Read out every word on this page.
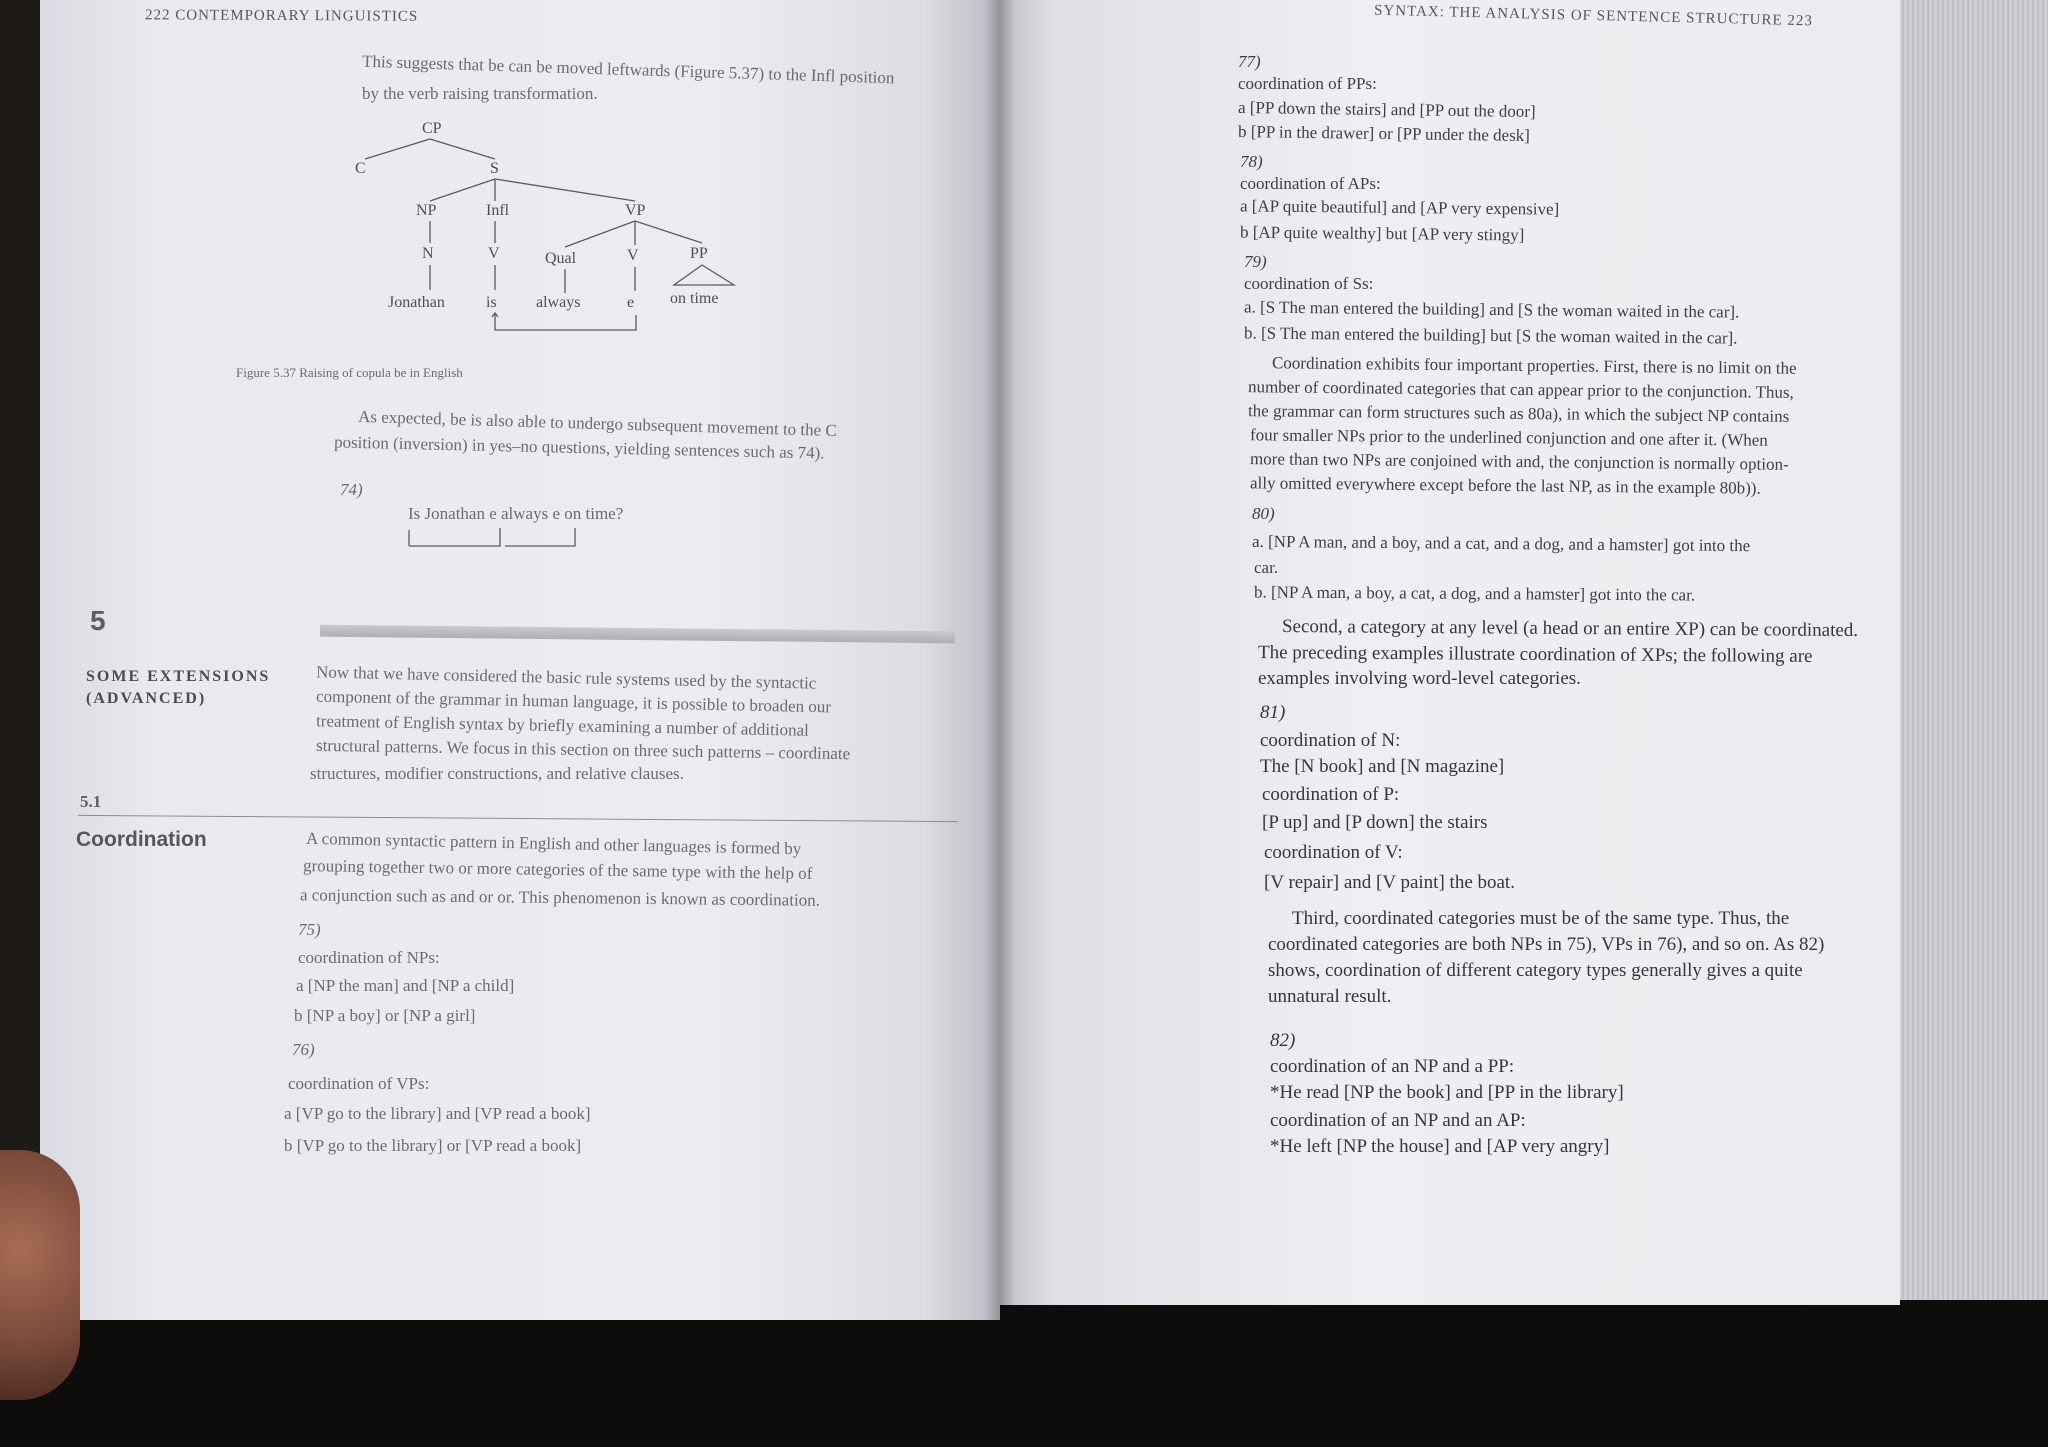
222 CONTEMPORARY LINGUISTICS
This suggests that be can be moved leftwards (Figure 5.37) to the Infl position
by the verb raising transformation.
CP
C	S
NP	Infl	VP
N	V	Qual	V	PP
Jonathan	is always	e on time
Figure 5.37 Raising of copula be in English
As expected, be is also able to undergo subsequent movement to the C
position (inversion) in yes–no questions, yielding sentences such as 74).
74)
Is Jonathan e always e on time?
5
SOME EXTENSIONS
(ADVANCED)
Now that we have considered the basic rule systems used by the syntactic
component of the grammar in human language, it is possible to broaden our
treatment of English syntax by briefly examining a number of additional
structural patterns. We focus in this section on three such patterns – coordinate
structures, modifier constructions, and relative clauses.
5.1
Coordination	A common syntactic pattern in English and other languages is formed by
grouping together two or more categories of the same type with the help of
a conjunction such as and or or. This phenomenon is known as coordination.
75)
coordination of NPs:
a [NP the man] and [NP a child]
b [NP a boy] or [NP a girl]
76)
coordination of VPs:
a [VP go to the library] and [VP read a book]
b [VP go to the library] or [VP read a book]
SYNTAX: THE ANALYSIS OF SENTENCE STRUCTURE 223
77)
coordination of PPs:
a [PP down the stairs] and [PP out the door]
b [PP in the drawer] or [PP under the desk]
78)
coordination of APs:
a [AP quite beautiful] and [AP very expensive]
b [AP quite wealthy] but [AP very stingy]
79)
coordination of Ss:
a. [S The man entered the building] and [S the woman waited in the car].
b. [S The man entered the building] but [S the woman waited in the car].
Coordination exhibits four important properties. First, there is no limit on the
number of coordinated categories that can appear prior to the conjunction. Thus,
the grammar can form structures such as 80a), in which the subject NP contains
four smaller NPs prior to the underlined conjunction and one after it. (When
more than two NPs are conjoined with and, the conjunction is normally option-
ally omitted everywhere except before the last NP, as in the example 80b)).
80)
a. [NP A man, and a boy, and a cat, and a dog, and a hamster] got into the
car.
b. [NP A man, a boy, a cat, a dog, and a hamster] got into the car.
Second, a category at any level (a head or an entire XP) can be coordinated.
The preceding examples illustrate coordination of XPs; the following are
examples involving word-level categories.
81)
coordination of N:
The [N book] and [N magazine]
coordination of P:
[P up] and [P down] the stairs
coordination of V:
[V repair] and [V paint] the boat.
Third, coordinated categories must be of the same type. Thus, the
coordinated categories are both NPs in 75), VPs in 76), and so on. As 82)
shows, coordination of different category types generally gives a quite
unnatural result.
82)
coordination of an NP and a PP:
*He read [NP the book] and [PP in the library]
coordination of an NP and an AP:
*He left [NP the house] and [AP very angry]
